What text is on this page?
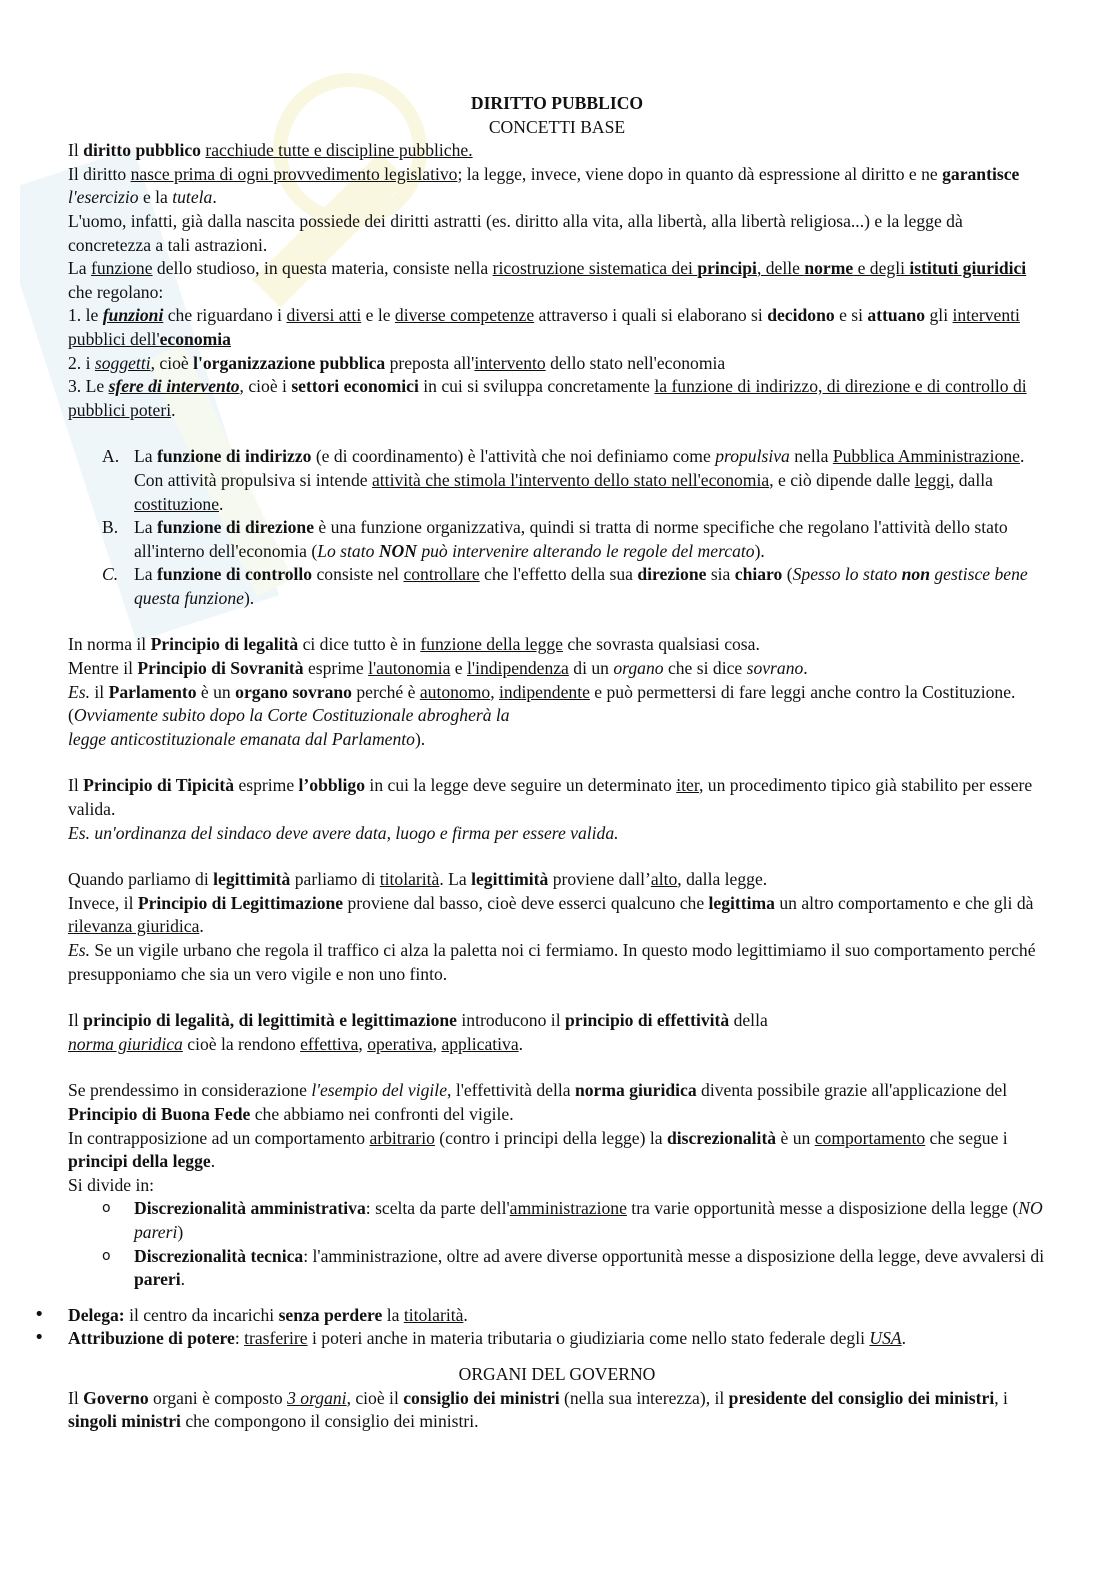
DIRITTO PUBBLICO

CONCETTI BASE

Il diritto pubblico racchiude tutte e discipline pubbliche.

Il diritto nasce prima di ogni provvedimento legislativo; la legge, invece, viene dopo in quanto dà espressione al diritto e ne garantisce l'esercizio e la tutela.

L'uomo, infatti, già dalla nascita possiede dei diritti astratti (es. diritto alla vita, alla libertà, alla libertà religiosa...) e la legge dà concretezza a tali astrazioni.

La funzione dello studioso, in questa materia, consiste nella ricostruzione sistematica dei principi, delle norme e degli istituti giuridici che regolano:

1. le funzioni che riguardano i diversi atti e le diverse competenze attraverso i quali si elaborano si decidono e si attuano gli interventi pubblici dell'economia

2. i soggetti, cioè l'organizzazione pubblica preposta all'intervento dello stato nell'economia

3. Le sfere di intervento, cioè i settori economici in cui si sviluppa concretamente la funzione di indirizzo, di direzione e di controllo di pubblici poteri.

A. La funzione di indirizzo (e di coordinamento) è l'attività che noi definiamo come propulsiva nella Pubblica Amministrazione. Con attività propulsiva si intende attività che stimola l'intervento dello stato nell'economia, e ciò dipende dalle leggi, dalla costituzione.
B. La funzione di direzione è una funzione organizzativa, quindi si tratta di norme specifiche che regolano l'attività dello stato all'interno dell'economia (Lo stato NON può intervenire alterando le regole del mercato).
C. La funzione di controllo consiste nel controllare che l'effetto della sua direzione sia chiaro (Spesso lo stato non gestisce bene questa funzione).

In norma il Principio di legalità ci dice tutto è in funzione della legge che sovrasta qualsiasi cosa.

Mentre il Principio di Sovranità esprime l'autonomia e l'indipendenza di un organo che si dice sovrano.

Es. il Parlamento è un organo sovrano perché è autonomo, indipendente e può permettersi di fare leggi anche contro la Costituzione. (Ovviamente subito dopo la Corte Costituzionale abrogherà la

legge anticostituzionale emanata dal Parlamento).

Il Principio di Tipicità esprime l’obbligo in cui la legge deve seguire un determinato iter, un procedimento tipico già stabilito per essere valida.

Es. un'ordinanza del sindaco deve avere data, luogo e firma per essere valida.

Quando parliamo di legittimità parliamo di titolarità. La legittimità proviene dall’alto, dalla legge.

Invece, il Principio di Legittimazione proviene dal basso, cioè deve esserci qualcuno che legittima un altro comportamento e che gli dà rilevanza giuridica.

Es. Se un vigile urbano che regola il traffico ci alza la paletta noi ci fermiamo. In questo modo legittimiamo il suo comportamento perché presupponiamo che sia un vero vigile e non uno finto.

Il principio di legalità, di legittimità e legittimazione introducono il principio di effettività della

norma giuridica cioè la rendono effettiva, operativa, applicativa.

Se prendessimo in considerazione l'esempio del vigile, l'effettività della norma giuridica diventa possibile grazie all'applicazione del Principio di Buona Fede che abbiamo nei confronti del vigile.

In contrapposizione ad un comportamento arbitrario (contro i principi della legge) la discrezionalità è un comportamento che segue i principi della legge.

Si divide in:

o Discrezionalità amministrativa: scelta da parte dell'amministrazione tra varie opportunità messe a disposizione della legge (NO pareri)
o Discrezionalità tecnica: l'amministrazione, oltre ad avere diverse opportunità messe a disposizione della legge, deve avvalersi di pareri.
• Delega: il centro da incarichi senza perdere la titolarità.
• Attribuzione di potere: trasferire i poteri anche in materia tributaria o giudiziaria come nello stato federale degli USA.

ORGANI DEL GOVERNO

Il Governo organi è composto 3 organi, cioè il consiglio dei ministri (nella sua interezza), il presidente del consiglio dei ministri, i singoli ministri che compongono il consiglio dei ministri.
